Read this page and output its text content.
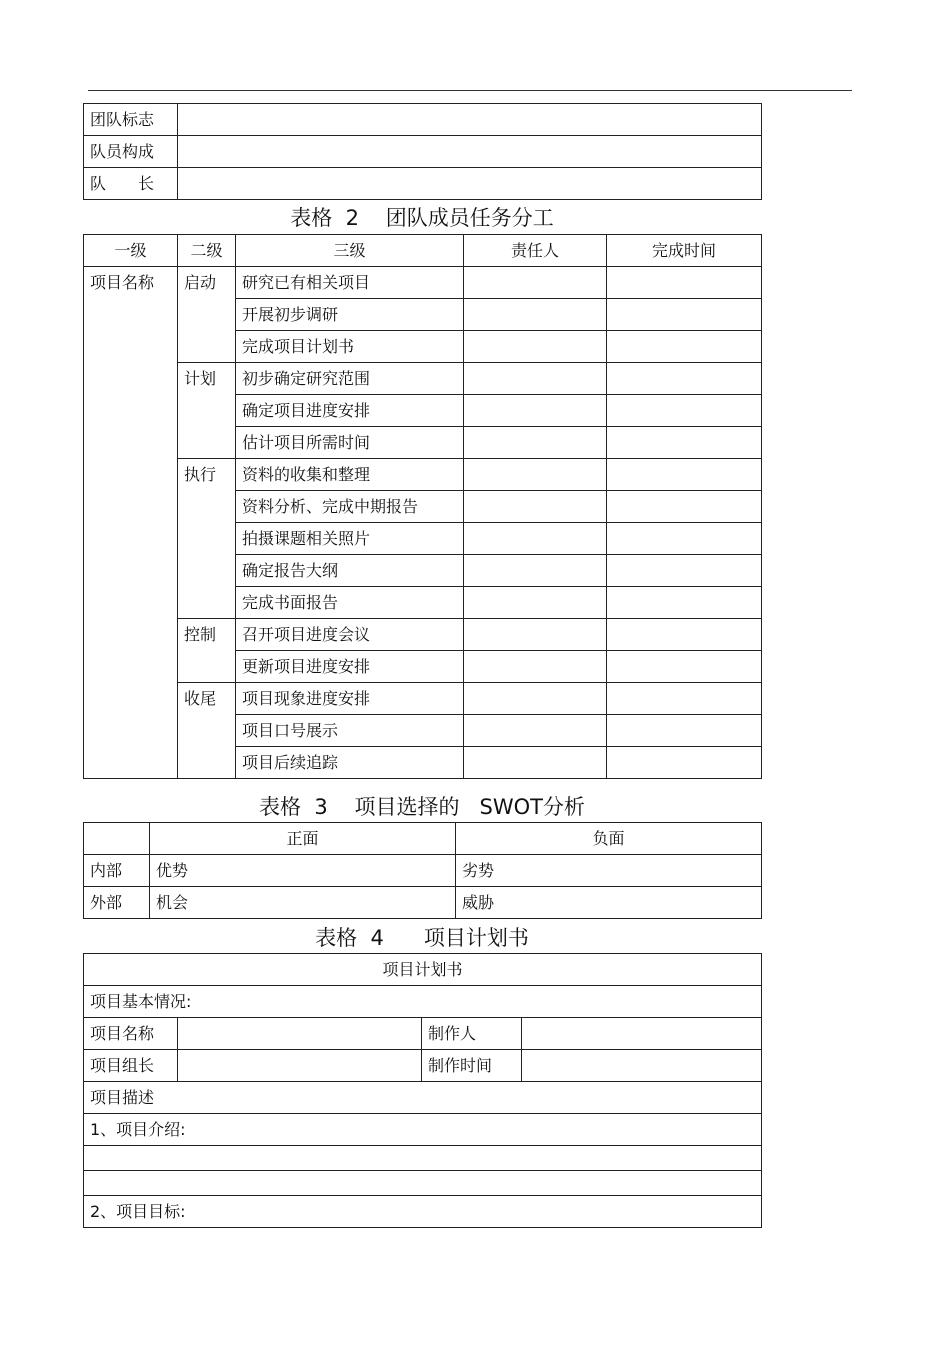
团队标志	
队员构成	
队　　长	
表格  2    团队成员任务分工
一级	二级	三级	责任人	完成时间
项目名称	启动	研究已有相关项目		
		开展初步调研		
		完成项目计划书		
	计划	初步确定研究范围		
		确定项目进度安排		
		估计项目所需时间		
	执行	资料的收集和整理		
		资料分析、完成中期报告		
		拍摄课题相关照片		
		确定报告大纲		
		完成书面报告		
	控制	召开项目进度会议		
		更新项目进度安排		
	收尾	项目现象进度安排		
		项目口号展示		
		项目后续追踪		
表格  3    项目选择的   SWOT分析
	正面	负面
内部	优势	劣势
外部	机会	威胁
表格  4      项目计划书
项目计划书			
项目基本情况:			
项目名称		制作人	
项目组长		制作时间	
项目描述			
1、项目介绍:			

2、项目目标:			
